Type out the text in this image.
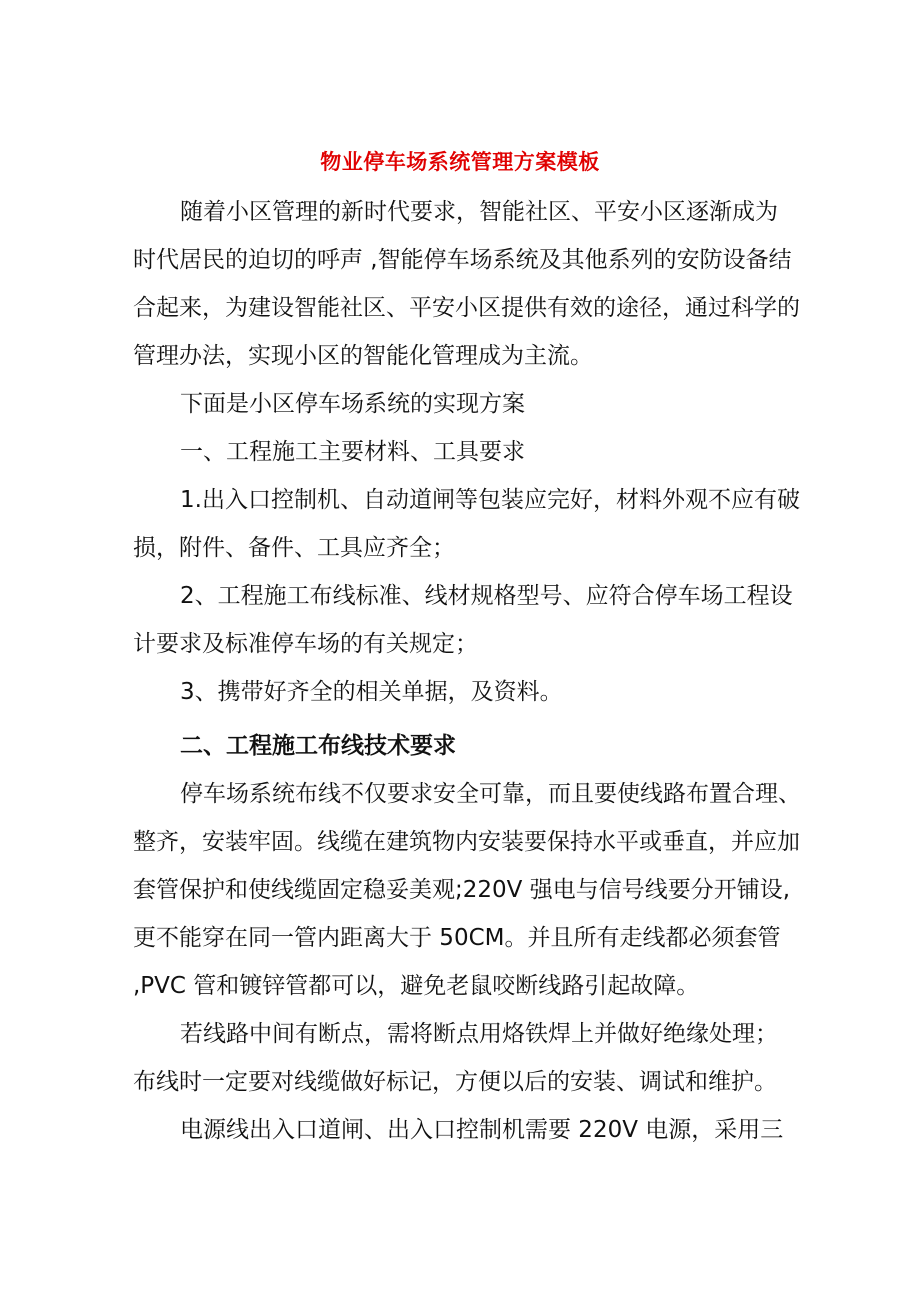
物业停车场系统管理方案模板
随着小区管理的新时代要求，智能社区、平安小区逐渐成为
时代居民的迫切的呼声 ,智能停车场系统及其他系列的安防设备结
合起来，为建设智能社区、平安小区提供有效的途径，通过科学的
管理办法，实现小区的智能化管理成为主流。
下面是小区停车场系统的实现方案
一、工程施工主要材料、工具要求
1.出入口控制机、自动道闸等包装应完好，材料外观不应有破
损，附件、备件、工具应齐全；
2、工程施工布线标准、线材规格型号、应符合停车场工程设
计要求及标准停车场的有关规定；
3、携带好齐全的相关单据，及资料。
二、工程施工布线技术要求
停车场系统布线不仅要求安全可靠，而且要使线路布置合理、
整齐，安装牢固。线缆在建筑物内安装要保持水平或垂直，并应加
套管保护和使线缆固定稳妥美观;220V 强电与信号线要分开铺设,
更不能穿在同一管内距离大于 50CM。并且所有走线都必须套管
,PVC 管和镀锌管都可以，避免老鼠咬断线路引起故障。
若线路中间有断点，需将断点用烙铁焊上并做好绝缘处理；
布线时一定要对线缆做好标记，方便以后的安装、调试和维护。
电源线出入口道闸、出入口控制机需要 220V 电源，采用三
